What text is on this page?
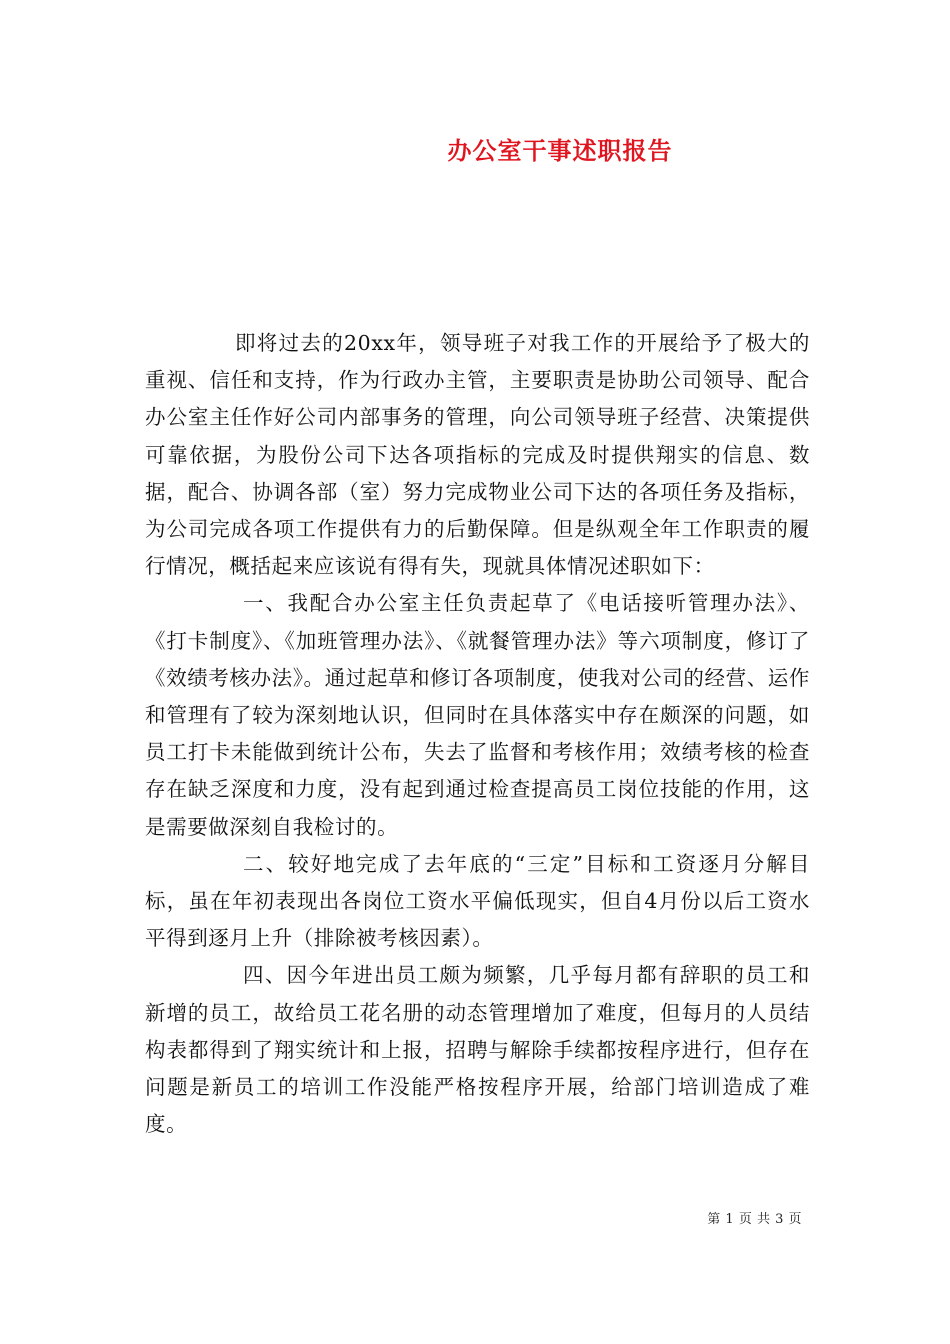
办公室干事述职报告

即将过去的20xx年，领导班子对我工作的开展给予了极大的重视、信任和支持，作为行政办主管，主要职责是协助公司领导、配合办公室主任作好公司内部事务的管理，向公司领导班子经营、决策提供可靠依据，为股份公司下达各项指标的完成及时提供翔实的信息、数据，配合、协调各部（室）努力完成物业公司下达的各项任务及指标，为公司完成各项工作提供有力的后勤保障。但是纵观全年工作职责的履行情况，概括起来应该说有得有失，现就具体情况述职如下：

一、我配合办公室主任负责起草了《电话接听管理办法》、《打卡制度》、《加班管理办法》、《就餐管理办法》等六项制度，修订了《效绩考核办法》。通过起草和修订各项制度，使我对公司的经营、运作和管理有了较为深刻地认识，但同时在具体落实中存在颇深的问题，如员工打卡未能做到统计公布，失去了监督和考核作用；效绩考核的检查存在缺乏深度和力度，没有起到通过检查提高员工岗位技能的作用，这是需要做深刻自我检讨的。

二、较好地完成了去年底的“三定”目标和工资逐月分解目标，虽在年初表现出各岗位工资水平偏低现实，但自4月份以后工资水平得到逐月上升（排除被考核因素）。

四、因今年进出员工颇为频繁，几乎每月都有辞职的员工和新增的员工，故给员工花名册的动态管理增加了难度，但每月的人员结构表都得到了翔实统计和上报，招聘与解除手续都按程序进行，但存在问题是新员工的培训工作没能严格按程序开展，给部门培训造成了难度。

第 1 页 共 3 页
